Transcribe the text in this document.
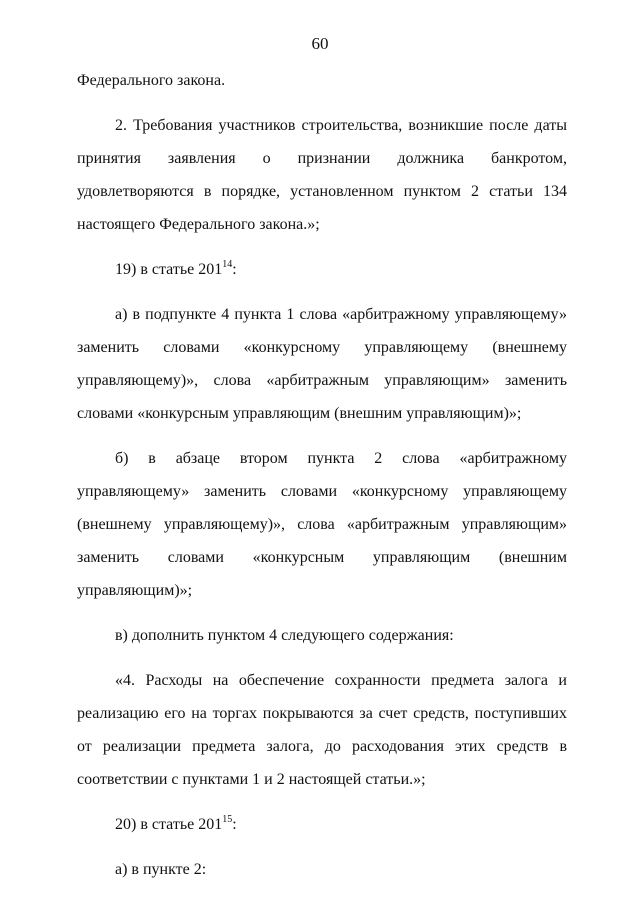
60

Федерального закона.

2. Требования участников строительства, возникшие после даты принятия заявления о признании должника банкротом, удовлетворяются в порядке, установленном пунктом 2 статьи 134 настоящего Федерального закона.»;

19) в статье $201^{14}$:

а) в подпункте 4 пункта 1 слова «арбитражному управляющему» заменить словами «конкурсному управляющему (внешнему управляющему)», слова «арбитражным управляющим» заменить словами «конкурсным управляющим (внешним управляющим)»;

б) в абзаце втором пункта 2 слова «арбитражному управляющему» заменить словами «конкурсному управляющему (внешнему управляющему)», слова «арбитражным управляющим» заменить словами «конкурсным управляющим (внешним управляющим)»;

в) дополнить пунктом 4 следующего содержания:

«4. Расходы на обеспечение сохранности предмета залога и реализацию его на торгах покрываются за счет средств, поступивших от реализации предмета залога, до расходования этих средств в соответствии с пунктами 1 и 2 настоящей статьи.»;

20) в статье $201^{15}$:

а) в пункте 2:
